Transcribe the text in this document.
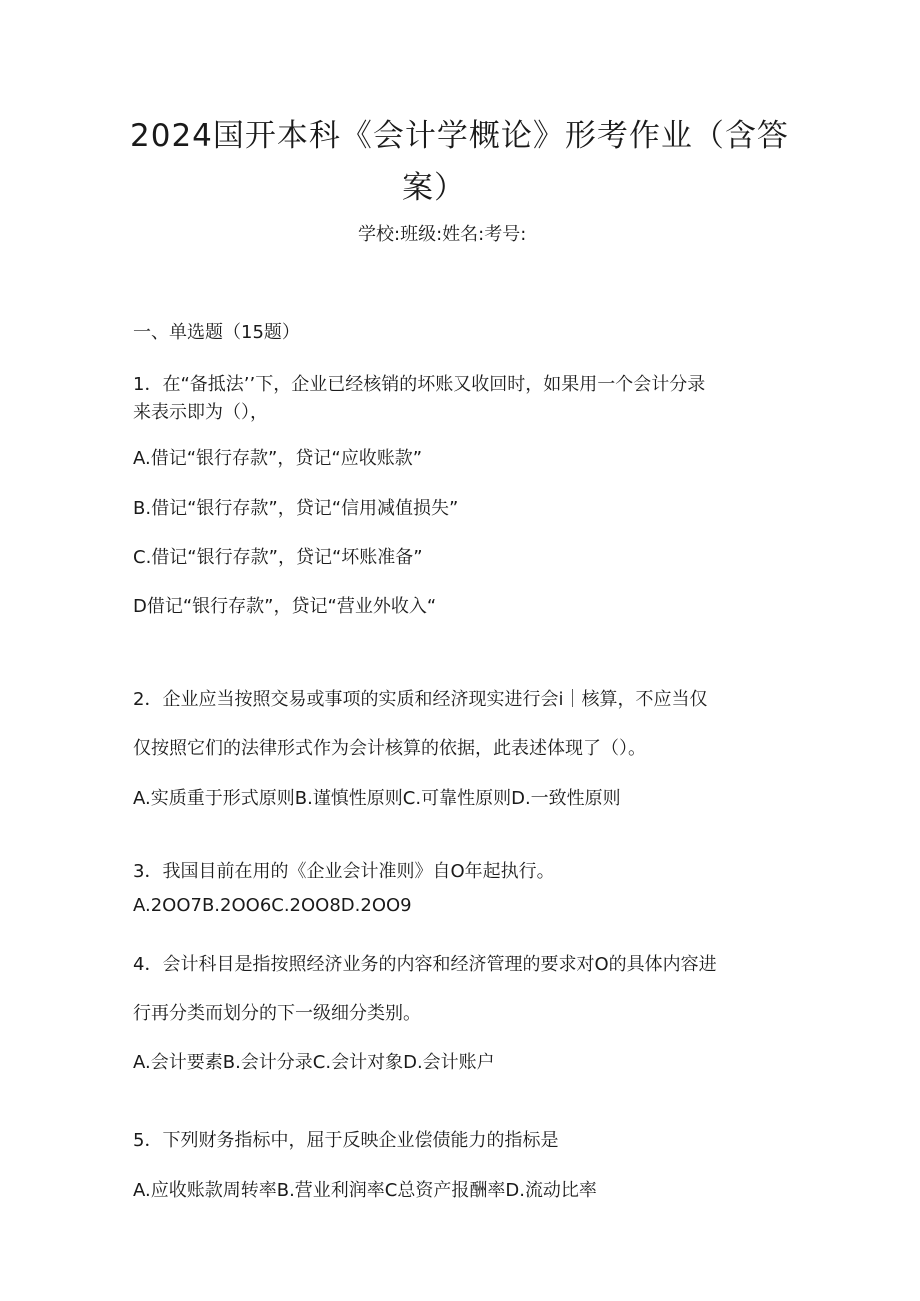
2024国开本科《会计学概论》形考作业（含答
案）
学校:班级:姓名:考号:
一、单选题（15题）
1．在“备抵法’’下，企业已经核销的坏账又收回时，如果用一个会计分录
来表示即为（），
A.借记“银行存款”，贷记“应收账款”
B.借记“银行存款”，贷记“信用减值损失”
C.借记“银行存款”，贷记“坏账准备”
D借记“银行存款”，贷记“营业外收入“
2．企业应当按照交易或事项的实质和经济现实进行会i｜核算，不应当仅
仅按照它们的法律形式作为会计核算的依据，此表述体现了（）。
A.实质重于形式原则B.谨慎性原则C.可靠性原则D.一致性原则
3．我国目前在用的《企业会计准则》自O年起执行。
A.2OO7B.2OO6C.2OO8D.2OO9
4．会计科目是指按照经济业务的内容和经济管理的要求对O的具体内容进
行再分类而划分的下一级细分类别。
A.会计要素B.会计分录C.会计对象D.会计账户
5．下列财务指标中，屈于反映企业偿债能力的指标是
A.应收账款周转率B.营业利润率C总资产报酬率D.流动比率
